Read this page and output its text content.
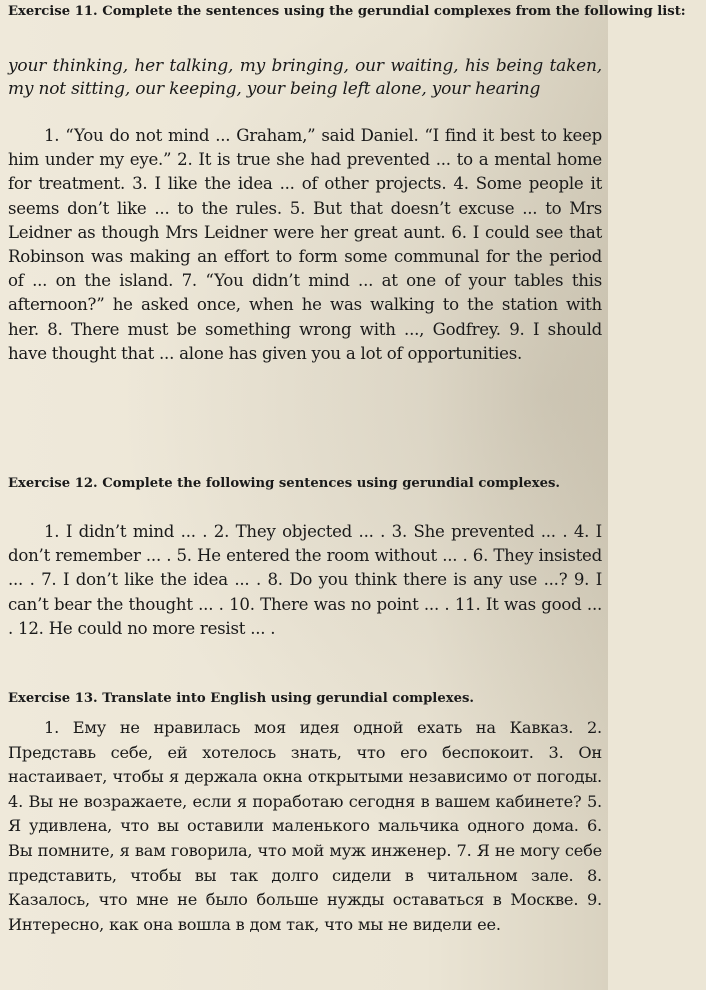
Exercise 11. Complete the sentences using the gerundial complexes from the following list:
your thinking, her talking, my bringing, our waiting, his being taken, my not sitting, our keeping, your being left alone, your hearing
1. “You do not mind ... Graham,” said Daniel. “I find it best to keep him under my eye.” 2. It is true she had prevented ... to a mental home for treatment. 3. I like the idea ... of other projects. 4. Some people it seems don’t like ... to the rules. 5. But that doesn’t excuse ... to Mrs Leidner as though Mrs Leidner were her great aunt. 6. I could see that Robinson was making an effort to form some communal for the period of ... on the island. 7. “You didn’t mind ... at one of your tables this afternoon?” he asked once, when he was walking to the station with her. 8. There must be something wrong with ..., Godfrey. 9. I should have thought that ... alone has given you a lot of opportunities.
Exercise 12. Complete the following sentences using gerundial complexes.
1. I didn’t mind ... . 2. They objected ... . 3. She prevented ... . 4. I don’t remember ... . 5. He entered the room without ... . 6. They insisted ... . 7. I don’t like the idea ... . 8. Do you think there is any use ...? 9. I can’t bear the thought ... . 10. There was no point ... . 11. It was good ... . 12. He could no more resist ... .
Exercise 13. Translate into English using gerundial complexes.
1. Ему не нравилась моя идея одной ехать на Кавказ. 2. Представь себе, ей хотелось знать, что его беспокоит. 3. Он настаивает, чтобы я держала окна открытыми независимо от погоды. 4. Вы не возражаете, если я поработаю сегодня в вашем кабинете? 5. Я удивлена, что вы оставили маленького мальчика одного дома. 6. Вы помните, я вам говорила, что мой муж инженер. 7. Я не могу себе представить, чтобы вы так долго сидели в читальном зале. 8. Казалось, что мне не было больше нужды оставаться в Москве. 9. Интересно, как она вошла в дом так, что мы не видели ее.
